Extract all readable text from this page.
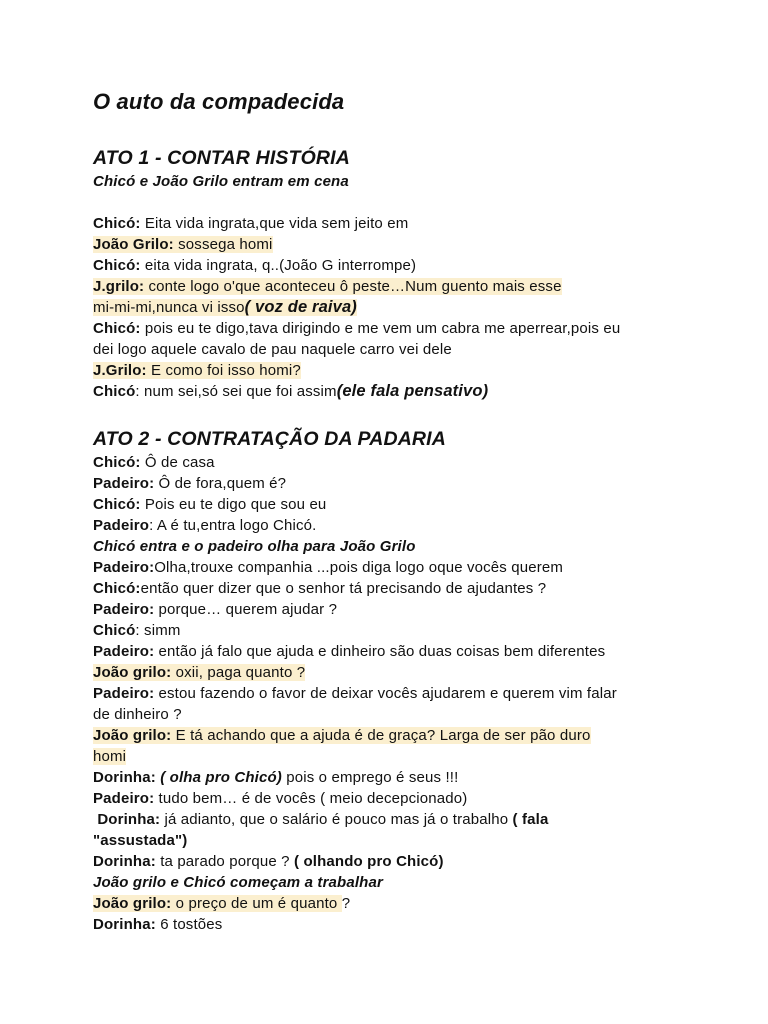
O auto da compadecida
ATO 1 - CONTAR HISTÓRIA
Chicó e João Grilo entram em cena
Chicó: Eita vida ingrata,que vida sem jeito em
João Grilo: sossega homi
Chicó: eita vida ingrata, q..(João G interrompe)
J.grilo: conte logo o'que aconteceu ô peste…Num guento mais esse
mi-mi-mi,nunca vi isso( voz de raiva)
Chicó: pois eu te digo,tava dirigindo e me vem um cabra me aperrear,pois eu
dei logo aquele cavalo de pau naquele carro vei dele
J.Grilo: E como foi isso homi?
Chicó: num sei,só sei que foi assim(ele fala pensativo)
ATO 2 - CONTRATAÇÃO DA PADARIA
Chicó: Ô de casa
Padeiro: Ô de fora,quem é?
Chicó: Pois eu te digo que sou eu
Padeiro: A é tu,entra logo Chicó.
Chicó entra e o padeiro olha para João Grilo
Padeiro:Olha,trouxe companhia ...pois diga logo oque vocês querem
Chicó:então quer dizer que o senhor tá precisando de ajudantes ?
Padeiro: porque… querem ajudar ?
Chicó: simm
Padeiro: então já falo que ajuda e dinheiro são duas coisas bem diferentes
João grilo: oxii, paga quanto ?
Padeiro: estou fazendo o favor de deixar vocês ajudarem e querem vim falar
de dinheiro ?
João grilo: E tá achando que a ajuda é de graça? Larga de ser pão duro
homi
Dorinha: ( olha pro Chicó) pois o emprego é seus !!!
Padeiro: tudo bem… é de vocês ( meio decepcionado)
Dorinha: já adianto, que o salário é pouco mas já o trabalho ( fala
"assustada")
Dorinha: ta parado porque ? ( olhando pro Chicó)
João grilo e Chicó começam a trabalhar
João grilo: o preço de um é quanto ?
Dorinha: 6 tostões
